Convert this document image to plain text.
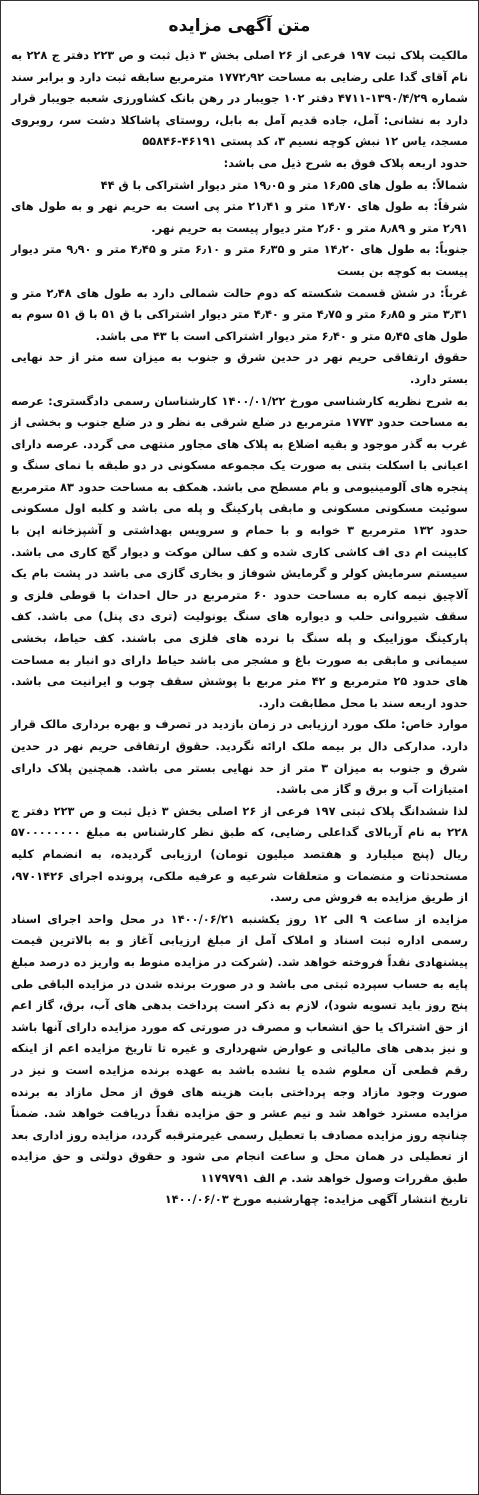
متن آگهی مزایده

مالکیت پلاک ثبت ۱۹۷ فرعی از ۲۶ اصلی بخش ۳ ذیل ثبت و ص ۲۲۳ دفتر ج ۲۲۸ به نام آقای گدا علی رضایی به مساحت ۱۷۷۲٫۹۲ مترمربع سابقه ثبت دارد و برابر سند شماره ۱۳۹۰/۴/۲۹-۴۷۱۱ دفتر ۱۰۲ جویبار در رهن بانک کشاورزی شعبه جویبار قرار دارد به نشانی: آمل، جاده قدیم آمل به بابل، روستای پاشاکلا دشت سر، روبروی مسجد، یاس ۱۲ نبش کوچه نسیم ۳، کد پستی ۴۶۱۹۱-۵۵۸۴۶

حدود اربعه پلاک فوق به شرح ذیل می باشد:

شمالاً: به طول های ۱۶٫۵۵ متر و ۱۹٫۰۵ متر دیوار اشتراکی با ق ۴۴

شرقاً: به طول های ۱۴٫۷۰ متر و ۲۱٫۴۱ متر پی است به حریم نهر و به طول های ۲٫۹۱ متر و ۸٫۸۹ متر و ۲٫۶۰ متر دیوار پیست به حریم نهر.

جنوباً: به طول های ۱۴٫۲۰ متر و ۶٫۳۵ متر و ۶٫۱۰ متر و ۴٫۴۵ متر و ۹٫۹۰ متر دیوار پیست به کوچه بن بست

غرباً: در شش قسمت شکسته که دوم حالت شمالی دارد به طول های ۲٫۴۸ متر و ۳٫۳۱ متر و ۶٫۸۵ متر و ۴٫۷۵ متر و ۴٫۴۰ متر دیوار اشتراکی با ق ۵۱ با ق ۵۱ سوم به طول های ۵٫۴۵ متر و ۶٫۴۰ متر دیوار اشتراکی است با ۴۳ می باشد.

حقوق ارتفاقی حریم نهر در حدین شرق و جنوب به میزان سه متر از حد نهایی بستر دارد.

به شرح نظریه کارشناسی مورخ ۱۴۰۰/۰۱/۲۲ کارشناسان رسمی دادگستری: عرصه به مساحت حدود ۱۷۷۳ مترمربع در ضلع شرقی به نظر و در ضلع جنوب و بخشی از غرب به گذر موجود و بقیه اضلاع به پلاک های مجاور منتهی می گردد. عرصه دارای اعیانی با اسکلت بتنی به صورت یک مجموعه مسکونی در دو طبقه با نمای سنگ و پنجره های آلومینیومی و بام مسطح می باشد. همکف به مساحت حدود ۸۳ مترمربع سوئیت مسکونی مسکونی و مابقی پارکینگ و پله می باشد و کلبه اول مسکونی حدود ۱۳۲ مترمربع ۳ خوابه و با حمام و سرویس بهداشتی و آشپزخانه اپن با کابینت ام دی اف کاشی کاری شده و کف سالن موکت و دیوار گچ کاری می باشد. سیستم سرمایش کولر و گرمایش شوفاژ و بخاری گازی می باشد در پشت بام یک آلاچیق نیمه کاره به مساحت حدود ۶۰ مترمربع در حال احداث با قوطی فلزی و سقف شیروانی حلب و دیواره های سنگ یونولیت (تری دی پنل) می باشد. کف پارکینگ موزاییک و پله سنگ با نرده های فلزی می باشند. کف حیاط، بخشی سیمانی و مابقی به صورت باغ و مشجر می باشد حیاط دارای دو انبار به مساحت های حدود ۲۵ مترمربع و ۴۲ متر مربع با پوشش سقف چوب و ایرانیت می باشد. حدود اربعه سند با محل مطابقت دارد.

موارد خاص: ملک مورد ارزیابی در زمان بازدید در تصرف و بهره برداری مالک قرار دارد. مدارکی دال بر بیمه ملک ارائه نگردید. حقوق ارتفاقی حریم نهر در حدین شرق و جنوب به میزان ۳ متر از حد نهایی بستر می باشد. همچنین پلاک دارای امتیازات آب و برق و گاز می باشد.

لذا ششدانگ پلاک ثبتی ۱۹۷ فرعی از ۲۶ اصلی بخش ۳ ذیل ثبت و ص ۲۲۳ دفتر ج ۲۲۸ به نام آربالای گداعلی رضایی، که طبق نظر کارشناس به مبلغ ۵۷۰۰۰۰۰۰۰۰ ریال (پنج میلیارد و هفتصد میلیون تومان) ارزیابی گردیده، به انضمام کلیه مستحدثات و منضمات و متعلقات شرعیه و عرفیه ملکی، پرونده اجرای ۹۷۰۱۴۲۶، از طریق مزایده به فروش می رسد.

مزایده از ساعت ۹ الی ۱۲ روز یکشنبه ۱۴۰۰/۰۶/۲۱ در محل واحد اجرای اسناد رسمی اداره ثبت اسناد و املاک آمل از مبلغ ارزیابی آغاز و به بالاترین قیمت پیشنهادی نقداً فروخته خواهد شد. (شرکت در مزایده منوط به واریز ده درصد مبلغ پایه به حساب سپرده ثبتی می باشد و در صورت برنده شدن در مزایده الباقی طی پنج روز باید تسویه شود)، لازم به ذکر است پرداخت بدهی های آب، برق، گاز اعم از حق اشتراک یا حق انشعاب و مصرف در صورتی که مورد مزایده دارای آنها باشد و نیز بدهی های مالیاتی و عوارض شهرداری و غیره تا تاریخ مزایده اعم از اینکه رقم قطعی آن معلوم شده یا نشده باشد به عهده برنده مزایده است و نیز در صورت وجود مازاد وجه پرداختی بابت هزینه های فوق از محل مازاد به برنده مزایده مسترد خواهد شد و نیم عشر و حق مزایده نقداً دریافت خواهد شد. ضمناً چنانچه روز مزایده مصادف با تعطیل رسمی غیرمترقبه گردد، مزایده روز اداری بعد از تعطیلی در همان محل و ساعت انجام می شود و حقوق دولتی و حق مزایده طبق مقررات وصول خواهد شد. م الف ۱۱۷۹۷۹۱

تاریخ انتشار آگهی مزایده: چهارشنبه مورخ ۱۴۰۰/۰۶/۰۳
